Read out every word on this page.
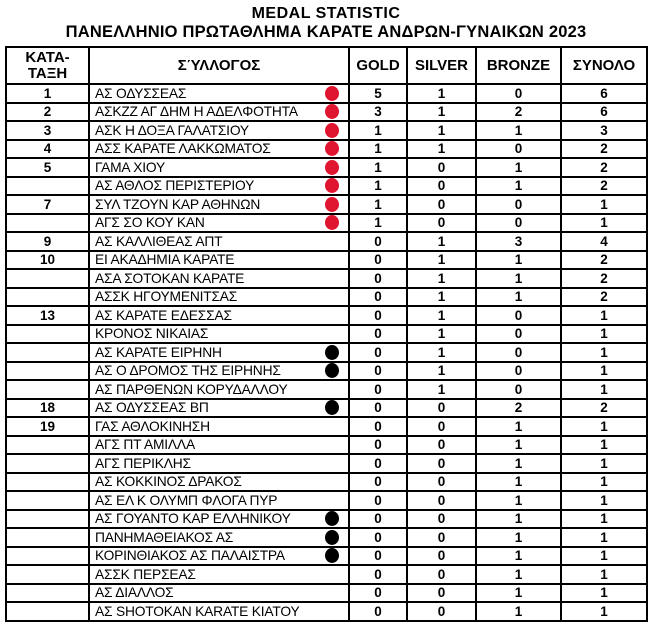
MEDAL STATISTIC
ΠΑΝΕΛΛΗΝΙΟ ΠΡΩΤΑΘΛΗΜΑ ΚΑΡΑΤΕ ΑΝΔΡΩΝ-ΓΥΝΑΙΚΩΝ 2023
ΚΑΤΑ-
ΤΑΞΗ	ΣΎΛΛΟΓΟΣ	GOLD	SILVER	BRONZE	ΣΥΝΟΛΟ
1	ΑΣ ΟΔΥΣΣΕΑΣ	5	1	0	6
2	ΑΣΚΖΖ ΑΓ ΔΗΜ Η ΑΔΕΛΦΟΤΗΤΑ	3	1	2	6
3	ΑΣΚ Η ΔΟΞΑ ΓΑΛΑΤΣΙΟΥ	1	1	1	3
4	ΑΣΣ ΚΑΡΑΤΕ ΛΑΚΚΩΜΑΤΟΣ	1	1	0	2
5	ΓΑΜΑ ΧΙΟΥ	1	0	1	2

	ΑΣ ΑΘΛΟΣ ΠΕΡΙΣΤΕΡΙΟΥ	1	0	1	2
7	ΣΥΛ ΤΖΟΥΝ ΚΑΡ ΑΘΗΝΩΝ	1	0	0	1

	ΑΓΣ ΣΟ ΚΟΥ ΚΑΝ	1	0	0	1
9	ΑΣ ΚΑΛΛΙΘΕΑΣ ΑΠΤ	0	1	3	4
10	ΕΙ ΑΚΑΔΗΜΙΑ ΚΑΡΑΤΕ	0	1	1	2

	ΑΣΑ ΣΟΤΟΚΑΝ ΚΑΡΑΤΕ	0	1	1	2

	ΑΣΣΚ ΗΓΟΥΜΕΝΙΤΣΑΣ	0	1	1	2
13	ΑΣ ΚΑΡΑΤΕ ΕΔΕΣΣΑΣ	0	1	0	1

	ΚΡΟΝΟΣ ΝΙΚΑΙΑΣ	0	1	0	1

	ΑΣ ΚΑΡΑΤΕ ΕΙΡΗΝΗ	0	1	0	1

	ΑΣ Ο ΔΡΟΜΟΣ ΤΗΣ ΕΙΡΗΝΗΣ	0	1	0	1

	ΑΣ ΠΑΡΘΕΝΩΝ ΚΟΡΥΔΑΛΛΟΥ	0	1	0	1
18	ΑΣ ΟΔΥΣΣΕΑΣ ΒΠ	0	0	2	2
19	ΓΑΣ ΑΘΛΟΚΙΝΗΣΗ	0	0	1	1

	ΑΓΣ ΠΤ ΑΜΙΛΛΑ	0	0	1	1

	ΑΓΣ ΠΕΡΙΚΛΗΣ	0	0	1	1

	ΑΣ ΚΟΚΚΙΝΟΣ ΔΡΑΚΟΣ	0	0	1	1

	ΑΣ ΕΛ Κ ΟΛΥΜΠ ΦΛΟΓΑ ΠΥΡ	0	0	1	1

	ΑΣ ΓΟΥΑΝΤΟ ΚΑΡ ΕΛΛΗΝΙΚΟΥ	0	0	1	1

	ΠΑΝΗΜΑΘΕΙΑΚΟΣ ΑΣ	0	0	1	1

	ΚΟΡΙΝΘΙΑΚΟΣ ΑΣ ΠΑΛΑΙΣΤΡΑ	0	0	1	1

	ΑΣΣΚ ΠΕΡΣΕΑΣ	0	0	1	1

	ΑΣ ΔΙΑΛΛΟΣ	0	0	1	1

	ΑΣ SHOTOKAN KARATE ΚΙΑΤΟΥ	0	0	1	1
